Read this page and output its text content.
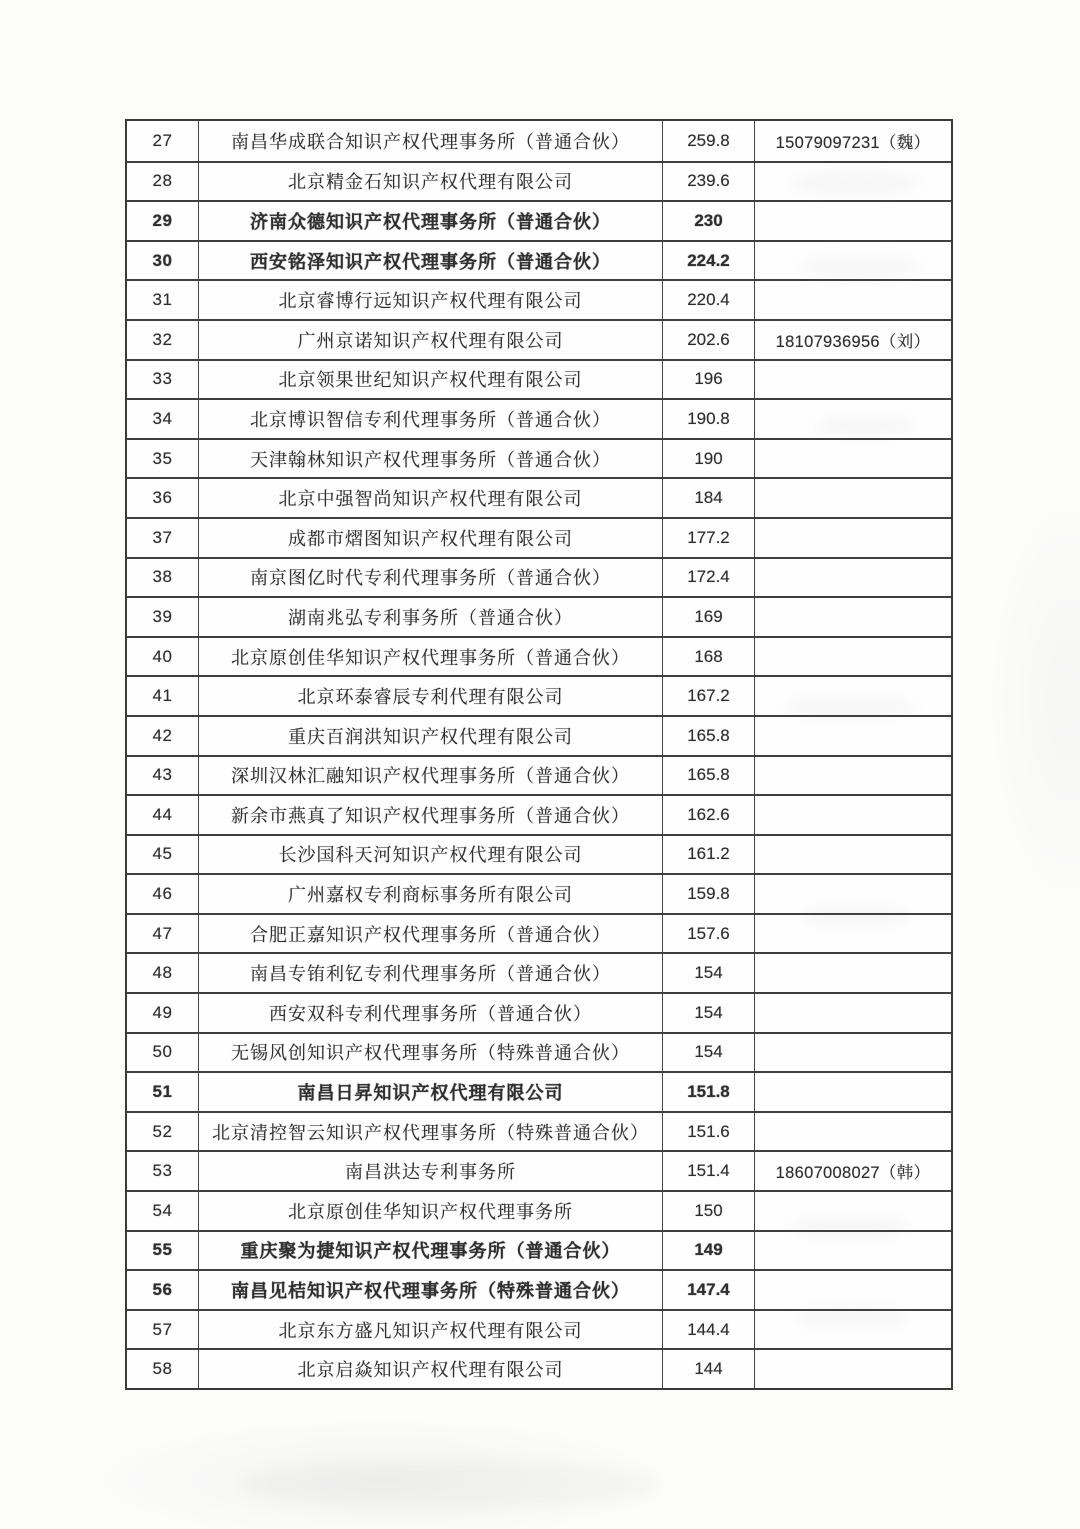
27	南昌华成联合知识产权代理事务所（普通合伙）	259.8	15079097231（魏）
28	北京精金石知识产权代理有限公司	239.6
29	济南众德知识产权代理事务所（普通合伙）	230
30	西安铭泽知识产权代理事务所（普通合伙）	224.2
31	北京睿博行远知识产权代理有限公司	220.4
32	广州京诺知识产权代理有限公司	202.6	18107936956（刘）
33	北京领果世纪知识产权代理有限公司	196
34	北京博识智信专利代理事务所（普通合伙）	190.8
35	天津翰林知识产权代理事务所（普通合伙）	190
36	北京中强智尚知识产权代理有限公司	184
37	成都市熠图知识产权代理有限公司	177.2
38	南京图亿时代专利代理事务所（普通合伙）	172.4
39	湖南兆弘专利事务所（普通合伙）	169
40	北京原创佳华知识产权代理事务所（普通合伙）	168
41	北京环泰睿辰专利代理有限公司	167.2
42	重庆百润洪知识产权代理有限公司	165.8
43	深圳汉林汇融知识产权代理事务所（普通合伙）	165.8
44	新余市燕真了知识产权代理事务所（普通合伙）	162.6
45	长沙国科天河知识产权代理有限公司	161.2
46	广州嘉权专利商标事务所有限公司	159.8
47	合肥正嘉知识产权代理事务所（普通合伙）	157.6
48	南昌专铕利钇专利代理事务所（普通合伙）	154
49	西安双科专利代理事务所（普通合伙）	154
50	无锡风创知识产权代理事务所（特殊普通合伙）	154
51	南昌日昇知识产权代理有限公司	151.8
52	北京清控智云知识产权代理事务所（特殊普通合伙）	151.6
53	南昌洪达专利事务所	151.4	18607008027（韩）
54	北京原创佳华知识产权代理事务所	150
55	重庆聚为捷知识产权代理事务所（普通合伙）	149
56	南昌见桔知识产权代理事务所（特殊普通合伙）	147.4
57	北京东方盛凡知识产权代理有限公司	144.4
58	北京启焱知识产权代理有限公司	144
